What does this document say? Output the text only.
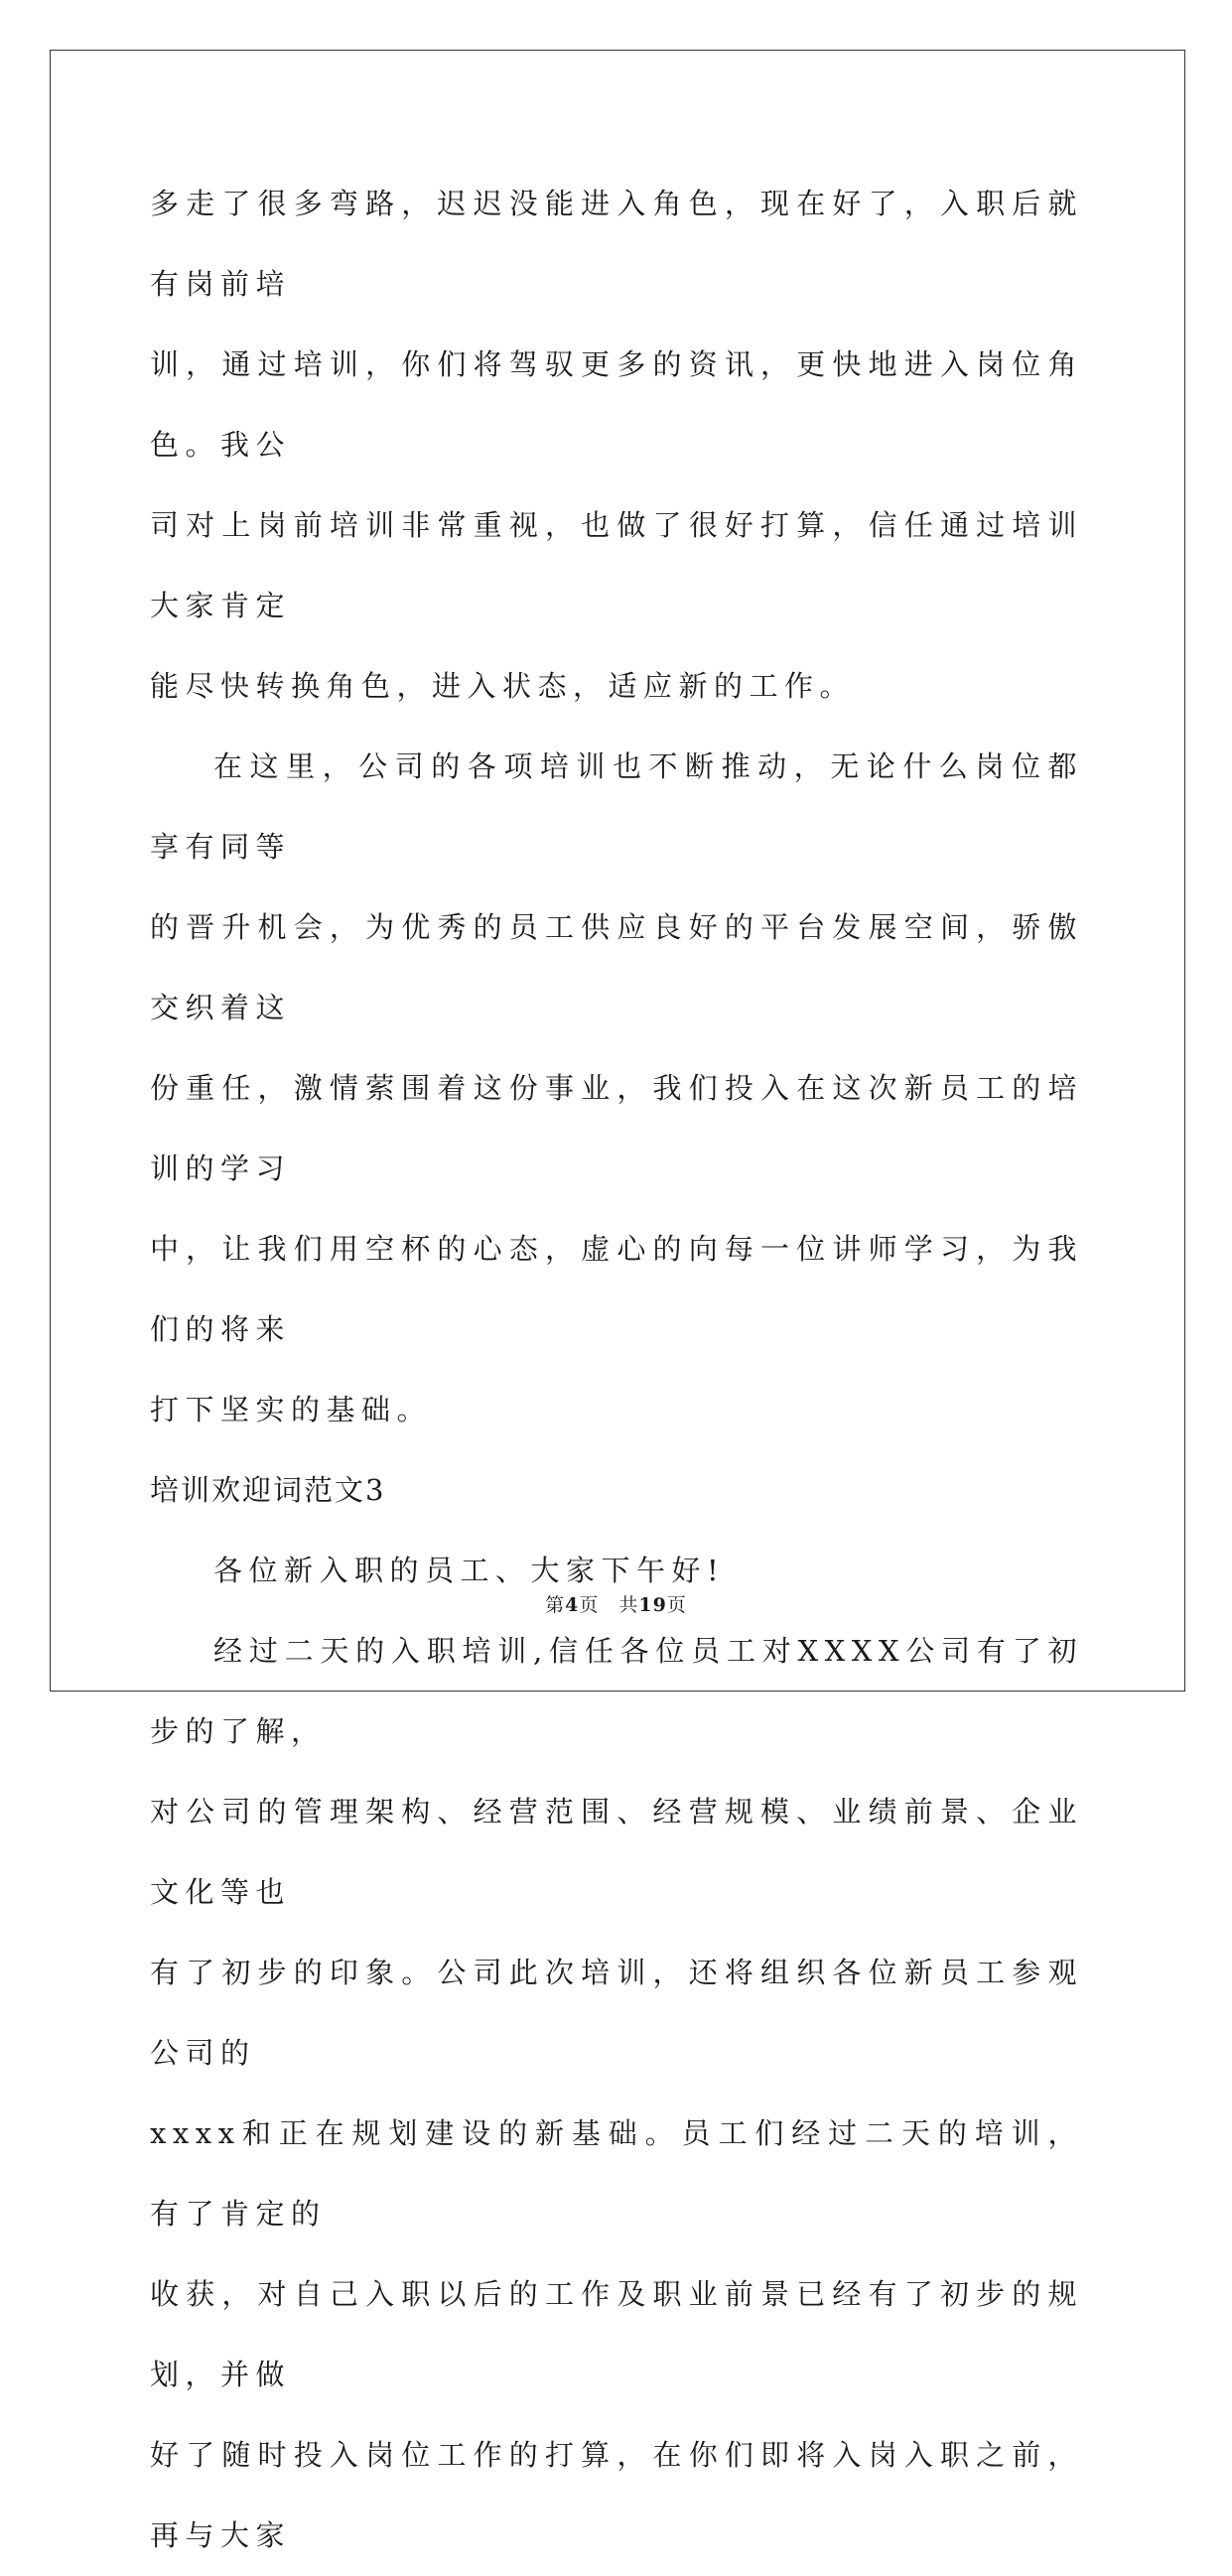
多走了很多弯路，迟迟没能进入角色，现在好了，入职后就有岗前培
训，通过培训，你们将驾驭更多的资讯，更快地进入岗位角色。我公
司对上岗前培训非常重视，也做了很好打算，信任通过培训大家肯定
能尽快转换角色，进入状态，适应新的工作。
在这里，公司的各项培训也不断推动，无论什么岗位都享有同等
的晋升机会，为优秀的员工供应良好的平台发展空间，骄傲交织着这
份重任，激情萦围着这份事业，我们投入在这次新员工的培训的学习
中，让我们用空杯的心态，虚心的向每一位讲师学习，为我们的将来
打下坚实的基础。
培训欢迎词范文3
各位新入职的员工、大家下午好!
经过二天的入职培训,信任各位员工对XXXX公司有了初步的了解，
对公司的管理架构、经营范围、经营规模、业绩前景、企业文化等也
有了初步的印象。公司此次培训，还将组织各位新员工参观公司的
xxxx和正在规划建设的新基础。员工们经过二天的培训，有了肯定的
收获，对自己入职以后的工作及职业前景已经有了初步的规划，并做
好了随时投入岗位工作的打算，在你们即将入岗入职之前，再与大家
第4页 共19页
